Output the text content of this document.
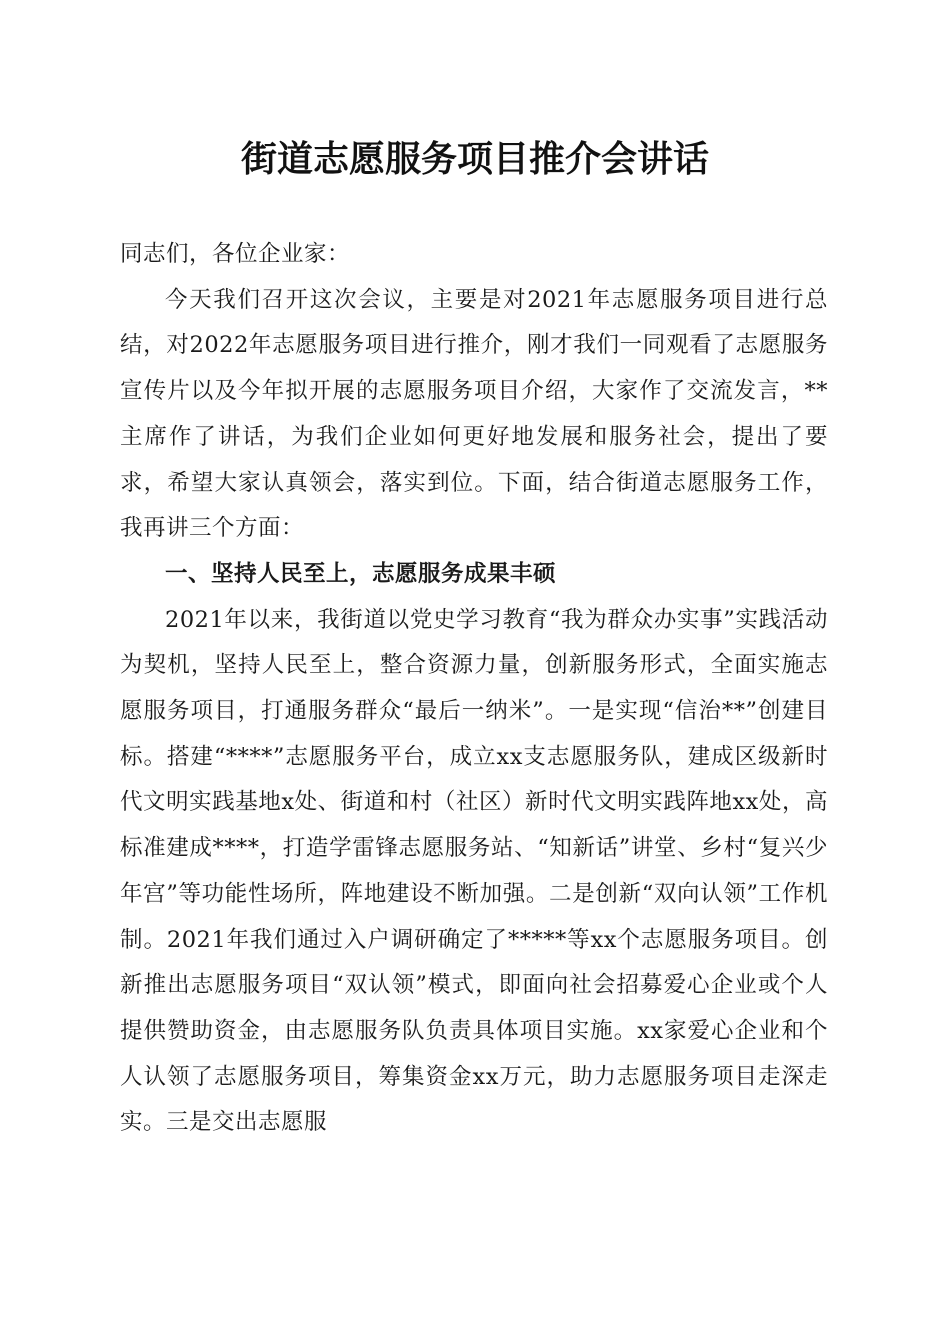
街道志愿服务项目推介会讲话

同志们，各位企业家：

今天我们召开这次会议，主要是对2021年志愿服务项目进行总结，对2022年志愿服务项目进行推介，刚才我们一同观看了志愿服务宣传片以及今年拟开展的志愿服务项目介绍，大家作了交流发言，**主席作了讲话，为我们企业如何更好地发展和服务社会，提出了要求，希望大家认真领会，落实到位。下面，结合街道志愿服务工作，我再讲三个方面：

一、坚持人民至上，志愿服务成果丰硕

2021年以来，我街道以党史学习教育“我为群众办实事”实践活动为契机，坚持人民至上，整合资源力量，创新服务形式，全面实施志愿服务项目，打通服务群众“最后一纳米”。一是实现“信治**”创建目标。搭建“****”志愿服务平台，成立xx支志愿服务队，建成区级新时代文明实践基地x处、街道和村（社区）新时代文明实践阵地xx处，高标准建成****，打造学雷锋志愿服务站、“知新话”讲堂、乡村“复兴少年宫”等功能性场所，阵地建设不断加强。二是创新“双向认领”工作机制。2021年我们通过入户调研确定了*****等xx个志愿服务项目。创新推出志愿服务项目“双认领”模式，即面向社会招募爱心企业或个人提供赞助资金，由志愿服务队负责具体项目实施。xx家爱心企业和个人认领了志愿服务项目，筹集资金xx万元，助力志愿服务项目走深走实。三是交出志愿服
